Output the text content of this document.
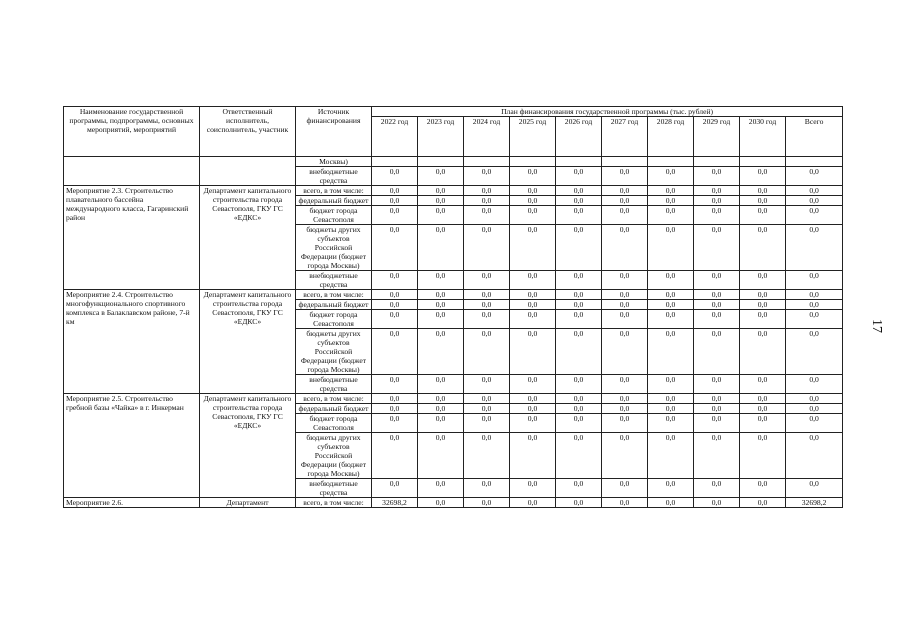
17
Наименование государственной программы, подпрограммы, основных мероприятий, мероприятий	Ответственный исполнитель, соисполнитель, участник	Источник финансирования	План финансирования государственной программы (тыс. рублей)									
			2022 год	2023 год	2024 год	2025 год	2026 год	2027 год	2028 год	2029 год	2030 год	Всего
		Москвы)										
		внебюджетные средства	0,0	0,0	0,0	0,0	0,0	0,0	0,0	0,0	0,0	0,0
Мероприятие 2.3. Строительство плавательного бассейна международного класса, Гагаринский район	Департамент капитального строительства города Севастополя, ГКУ ГС «ЕДКС»	всего, в том числе:	0,0	0,0	0,0	0,0	0,0	0,0	0,0	0,0	0,0	0,0
		федеральный бюджет	0,0	0,0	0,0	0,0	0,0	0,0	0,0	0,0	0,0	0,0
		бюджет города Севастополя	0,0	0,0	0,0	0,0	0,0	0,0	0,0	0,0	0,0	0,0
		бюджеты других субъектов Российской Федерации (бюджет города Москвы)	0,0	0,0	0,0	0,0	0,0	0,0	0,0	0,0	0,0	0,0
		внебюджетные средства	0,0	0,0	0,0	0,0	0,0	0,0	0,0	0,0	0,0	0,0
Мероприятие 2.4. Строительство многофункционального спортивного комплекса в Балаклавском районе, 7-й км	Департамент капитального строительства города Севастополя, ГКУ ГС «ЕДКС»	всего, в том числе:	0,0	0,0	0,0	0,0	0,0	0,0	0,0	0,0	0,0	0,0
		федеральный бюджет	0,0	0,0	0,0	0,0	0,0	0,0	0,0	0,0	0,0	0,0
		бюджет города Севастополя	0,0	0,0	0,0	0,0	0,0	0,0	0,0	0,0	0,0	0,0
		бюджеты других субъектов Российской Федерации (бюджет города Москвы)	0,0	0,0	0,0	0,0	0,0	0,0	0,0	0,0	0,0	0,0
		внебюджетные средства	0,0	0,0	0,0	0,0	0,0	0,0	0,0	0,0	0,0	0,0
Мероприятие 2.5. Строительство гребной базы «Чайка» в г. Инкерман	Департамент капитального строительства города Севастополя, ГКУ ГС «ЕДКС»	всего, в том числе:	0,0	0,0	0,0	0,0	0,0	0,0	0,0	0,0	0,0	0,0
		федеральный бюджет	0,0	0,0	0,0	0,0	0,0	0,0	0,0	0,0	0,0	0,0
		бюджет города Севастополя	0,0	0,0	0,0	0,0	0,0	0,0	0,0	0,0	0,0	0,0
		бюджеты других субъектов Российской Федерации (бюджет города Москвы)	0,0	0,0	0,0	0,0	0,0	0,0	0,0	0,0	0,0	0,0
		внебюджетные средства	0,0	0,0	0,0	0,0	0,0	0,0	0,0	0,0	0,0	0,0
Мероприятие 2.6.	Департамент	всего, в том числе:	32698,2	0,0	0,0	0,0	0,0	0,0	0,0	0,0	0,0	32698,2
